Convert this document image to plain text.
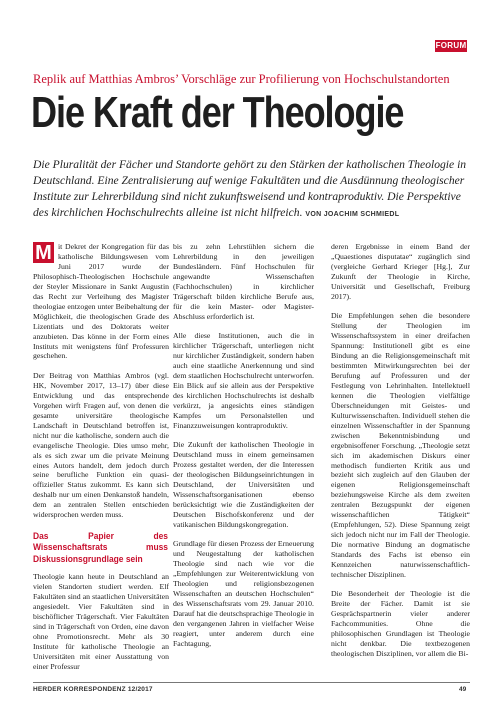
FORUM
Replik auf Matthias Ambros’ Vorschläge zur Profilierung von Hochschulstandorten
Die Kraft der Theologie

Die Pluralität der Fächer und Standorte gehört zu den Stärken der katholischen Theologie in Deutschland. Eine Zentralisierung auf wenige Fakultäten und die Ausdünnung theologischer Institute zur Lehrerbildung sind nicht zukunftsweisend und kontraproduktiv. Die Perspektive des kirchlichen Hochschulrechts alleine ist nicht hilfreich. VON JOACHIM SCHMIEDL

M it Dekret der Kongregation für das katholische Bildungswesen vom Juni 2017 wurde der Philosophisch-Theologischen Hochschule der Steyler Missionare in Sankt Augustin das Recht zur Verleihung des Magister theologiae entzogen unter Beibehaltung der Möglichkeit, die theologischen Grade des Lizentiats und des Doktorats weiter anzubieten. Das könne in der Form eines Instituts mit wenigstens fünf Professuren geschehen.

Der Beitrag von Matthias Ambros (vgl. HK, November 2017, 13–17) über diese Entwicklung und das entsprechende Vorgehen wirft Fragen auf, von denen die gesamte universitäre theologische Landschaft in Deutschland betroffen ist, nicht nur die katholische, sondern auch die evangelische Theologie. Dies umso mehr, als es sich zwar um die private Meinung eines Autors handelt, dem jedoch durch seine berufliche Funktion ein quasi-offizieller Status zukommt. Es kann sich deshalb nur um einen Denkanstoß handeln, dem an zentralen Stellen entschieden widersprochen werden muss.

Das Papier des Wissenschaftsrats muss Diskussionsgrundlage sein

Theologie kann heute in Deutschland an vielen Standorten studiert werden. Elf Fakultäten sind an staatlichen Universitäten angesiedelt. Vier Fakultäten sind in bischöflicher Trägerschaft. Vier Fakultäten sind in Trägerschaft von Orden, eine davon ohne Promotionsrecht. Mehr als 30 Institute für katholische Theologie an Universitäten mit einer Ausstattung von einer Professur

bis zu zehn Lehrstühlen sichern die Lehrerbildung in den jeweiligen Bundesländern. Fünf Hochschulen für angewandte Wissenschaften (Fachhochschulen) in kirchlicher Trägerschaft bilden kirchliche Berufe aus, für die kein Master- oder Magister-Abschluss erforderlich ist.

Alle diese Institutionen, auch die in kirchlicher Trägerschaft, unterliegen nicht nur kirchlicher Zuständigkeit, sondern haben auch eine staatliche Anerkennung und sind dem staatlichen Hochschulrecht unterworfen. Ein Blick auf sie allein aus der Perspektive des kirchlichen Hochschulrechts ist deshalb verkürzt, ja angesichts eines ständigen Kampfes um Personalstellen und Finanzzuweisungen kontraproduktiv.

Die Zukunft der katholischen Theologie in Deutschland muss in einem gemeinsamen Prozess gestaltet werden, der die Interessen der theologischen Bildungseinrichtungen in Deutschland, der Universitäten und Wissenschaftsorganisationen ebenso berücksichtigt wie die Zuständigkeiten der Deutschen Bischofskonferenz und der vatikanischen Bildungskongregation.

Grundlage für diesen Prozess der Erneuerung und Neugestaltung der katholischen Theologie sind nach wie vor die „Empfehlungen zur Weiterentwicklung von Theologien und religionsbezogenen Wissenschaften an deutschen Hochschulen“ des Wissenschaftsrats vom 29. Januar 2010. Darauf hat die deutschsprachige Theologie in den vergangenen Jahren in vielfacher Weise reagiert, unter anderem durch eine Fachtagung,

deren Ergebnisse in einem Band der „Quaestiones disputatae“ zugänglich sind (vergleiche Gerhard Krieger [Hg.], Zur Zukunft der Theologie in Kirche, Universität und Gesellschaft, Freiburg 2017).

Die Empfehlungen sehen die besondere Stellung der Theologien im Wissenschaftssystem in einer dreifachen Spannung: Institutionell gibt es eine Bindung an die Religionsgemeinschaft mit bestimmten Mitwirkungsrechten bei der Berufung auf Professuren und der Festlegung von Lehrinhalten. Intellektuell kennen die Theologien vielfältige Überschneidungen mit Geistes- und Kulturwissenschaften. Individuell stehen die einzelnen Wissenschaftler in der Spannung zwischen Bekenntnisbindung und ergebnisoffener Forschung. „Theologie setzt sich im akademischen Diskurs einer methodisch fundierten Kritik aus und bezieht sich zugleich auf den Glauben der eigenen Religionsgemeinschaft beziehungsweise Kirche als dem zweiten zentralen Bezugspunkt der eigenen wissenschaftlichen Tätigkeit“ (Empfehlungen, 52). Diese Spannung zeigt sich jedoch nicht nur im Fall der Theologie. Die normative Bindung an dogmatische Standards des Fachs ist ebenso ein Kennzeichen naturwissenschaftlich-technischer Disziplinen.

Die Besonderheit der Theologie ist die Breite der Fächer. Damit ist sie Gesprächspartnerin vieler anderer Fachcommunities. Ohne die philosophischen Grundlagen ist Theologie nicht denkbar. Die textbezogenen theologischen Disziplinen, vor allem die Bi-

HERDER KORRESPONDENZ 12/2017	49
